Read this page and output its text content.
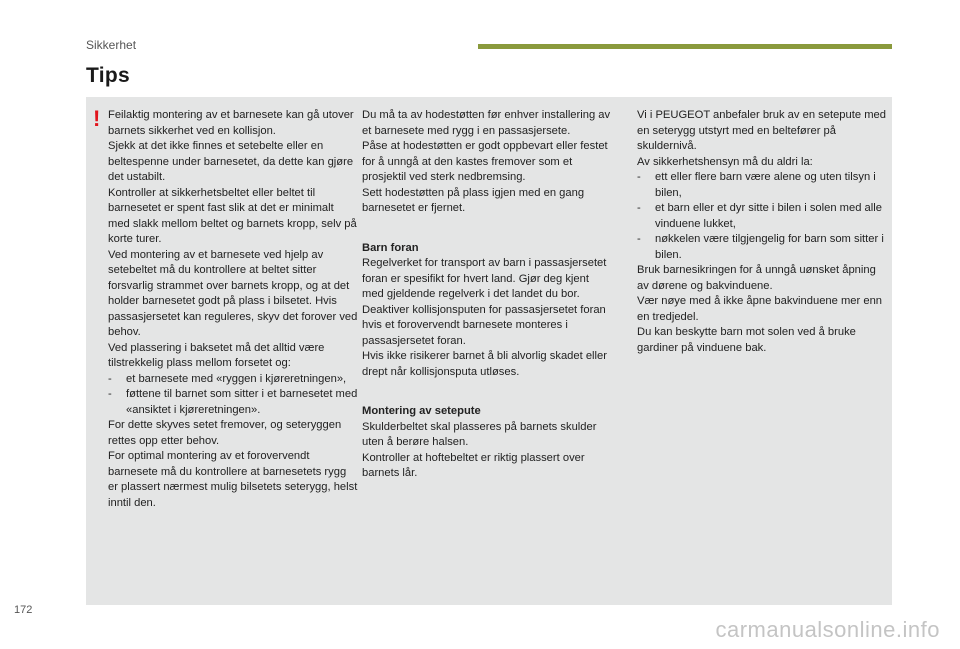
Sikkerhet
Tips
! Feilaktig montering av et barnesete kan gå utover barnets sikkerhet ved en kollisjon.

Sjekk at det ikke finnes et setebelte eller en beltespenne under barnesetet, da dette kan gjøre det ustabilt.

Kontroller at sikkerhetsbeltet eller beltet til barnesetet er spent fast slik at det er minimalt med slakk mellom beltet og barnets kropp, selv på korte turer.

Ved montering av et barnesete ved hjelp av setebeltet må du kontrollere at beltet sitter forsvarlig strammet over barnets kropp, og at det holder barnesetet godt på plass i bilsetet. Hvis passasjersetet kan reguleres, skyv det forover ved behov.

Ved plassering i baksetet må det alltid være tilstrekkelig plass mellom forsetet og:

-	et barnesete med «ryggen i kjøreretningen»,
-	føttene til barnet som sitter i et barnesetet med «ansiktet i kjøreretningen».

For dette skyves setet fremover, og seteryggen rettes opp etter behov.

For optimal montering av et forovervendt barnesete må du kontrollere at barnesetets rygg er plassert nærmest mulig bilsetets seterygg, helst inntil den.

Du må ta av hodestøtten før enhver installering av et barnesete med rygg i en passasjersete.

Påse at hodestøtten er godt oppbevart eller festet for å unngå at den kastes fremover som et prosjektil ved sterk nedbremsing.

Sett hodestøtten på plass igjen med en gang barnesetet er fjernet.

Barn foran

Regelverket for transport av barn i passasjersetet foran er spesifikt for hvert land. Gjør deg kjent med gjeldende regelverk i det landet du bor.

Deaktiver kollisjonsputen for passasjersetet foran hvis et forovervendt barnesete monteres i passasjersetet foran.

Hvis ikke risikerer barnet å bli alvorlig skadet eller drept når kollisjonsputa utløses.

Montering av setepute

Skulderbeltet skal plasseres på barnets skulder uten å berøre halsen.

Kontroller at hoftebeltet er riktig plassert over barnets lår.

Vi i PEUGEOT anbefaler bruk av en setepute med en seterygg utstyrt med en beltefører på skuldernivå.

Av sikkerhetshensyn må du aldri la:

-	ett eller flere barn være alene og uten tilsyn i bilen,
-	et barn eller et dyr sitte i bilen i solen med alle vinduene lukket,
-	nøkkelen være tilgjengelig for barn som sitter i bilen.

Bruk barnesikringen for å unngå uønsket åpning av dørene og bakvinduene.

Vær nøye med å ikke åpne bakvinduene mer enn en tredjedel.

Du kan beskytte barn mot solen ved å bruke gardiner på vinduene bak.

172
carmanualsonline.info
